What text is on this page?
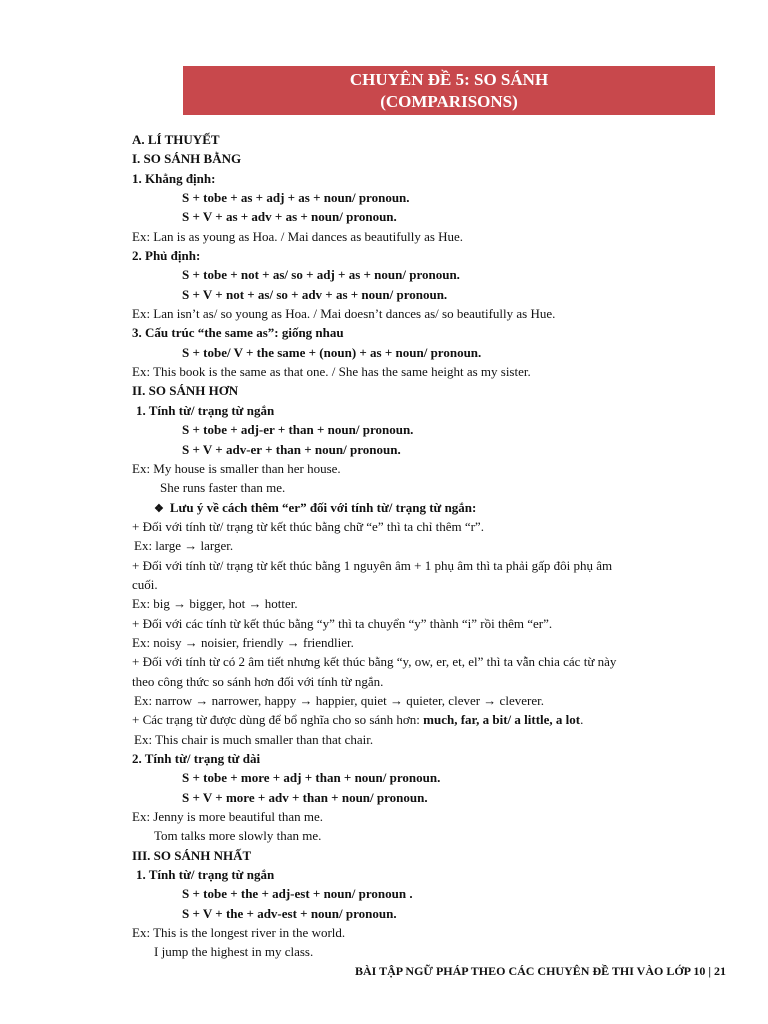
CHUYÊN ĐỀ 5: SO SÁNH
(COMPARISONS)
A. LÍ THUYẾT
I. SO SÁNH BẰNG
1. Khẳng định:
S + tobe + as + adj + as + noun/ pronoun.
S + V + as + adv + as + noun/ pronoun.
Ex: Lan is as young as Hoa. / Mai dances as beautifully as Hue.
2. Phủ định:
S + tobe + not + as/ so + adj + as + noun/ pronoun.
S + V + not + as/ so + adv + as + noun/ pronoun.
Ex: Lan isn’t as/ so young as Hoa. / Mai doesn’t dances as/ so beautifully as Hue.
3. Cấu trúc “the same as”: giống nhau
S + tobe/ V + the same + (noun) + as + noun/ pronoun.
Ex: This book is the same as that one. / She has the same height as my sister.
II. SO SÁNH HƠN
1. Tính từ/ trạng từ ngắn
S + tobe + adj-er + than + noun/ pronoun.
S + V + adv-er + than + noun/ pronoun.
Ex: My house is smaller than her house.
She runs faster than me.
❖ Lưu ý về cách thêm “er” đối với tính từ/ trạng từ ngắn:
+ Đối với tính từ/ trạng từ kết thúc bằng chữ “e” thì ta chỉ thêm “r”.
Ex: large → larger.
+ Đối với tính từ/ trạng từ kết thúc bằng 1 nguyên âm + 1 phụ âm thì ta phải gấp đôi phụ âm
cuối.
Ex: big → bigger, hot → hotter.
+ Đối với các tính từ kết thúc bằng “y” thì ta chuyển “y” thành “i” rồi thêm “er”.
Ex: noisy → noisier, friendly → friendlier.
+ Đối với tính từ có 2 âm tiết nhưng kết thúc bằng “y, ow, er, et, el” thì ta vẫn chia các từ này
theo công thức so sánh hơn đối với tính từ ngắn.
Ex: narrow → narrower, happy → happier, quiet → quieter, clever → cleverer.
+ Các trạng từ được dùng để bổ nghĩa cho so sánh hơn: much, far, a bit/ a little, a lot.
Ex: This chair is much smaller than that chair.
2. Tính từ/ trạng từ dài
S + tobe + more + adj + than + noun/ pronoun.
S + V + more + adv + than + noun/ pronoun.
Ex: Jenny is more beautiful than me.
Tom talks more slowly than me.
III. SO SÁNH NHẤT
1. Tính từ/ trạng từ ngắn
S + tobe + the + adj-est + noun/ pronoun .
S + V + the + adv-est + noun/ pronoun.
Ex: This is the longest river in the world.
I jump the highest in my class.
BÀI TẬP NGỮ PHÁP THEO CÁC CHUYÊN ĐỀ THI VÀO LỚP 10 | 21
